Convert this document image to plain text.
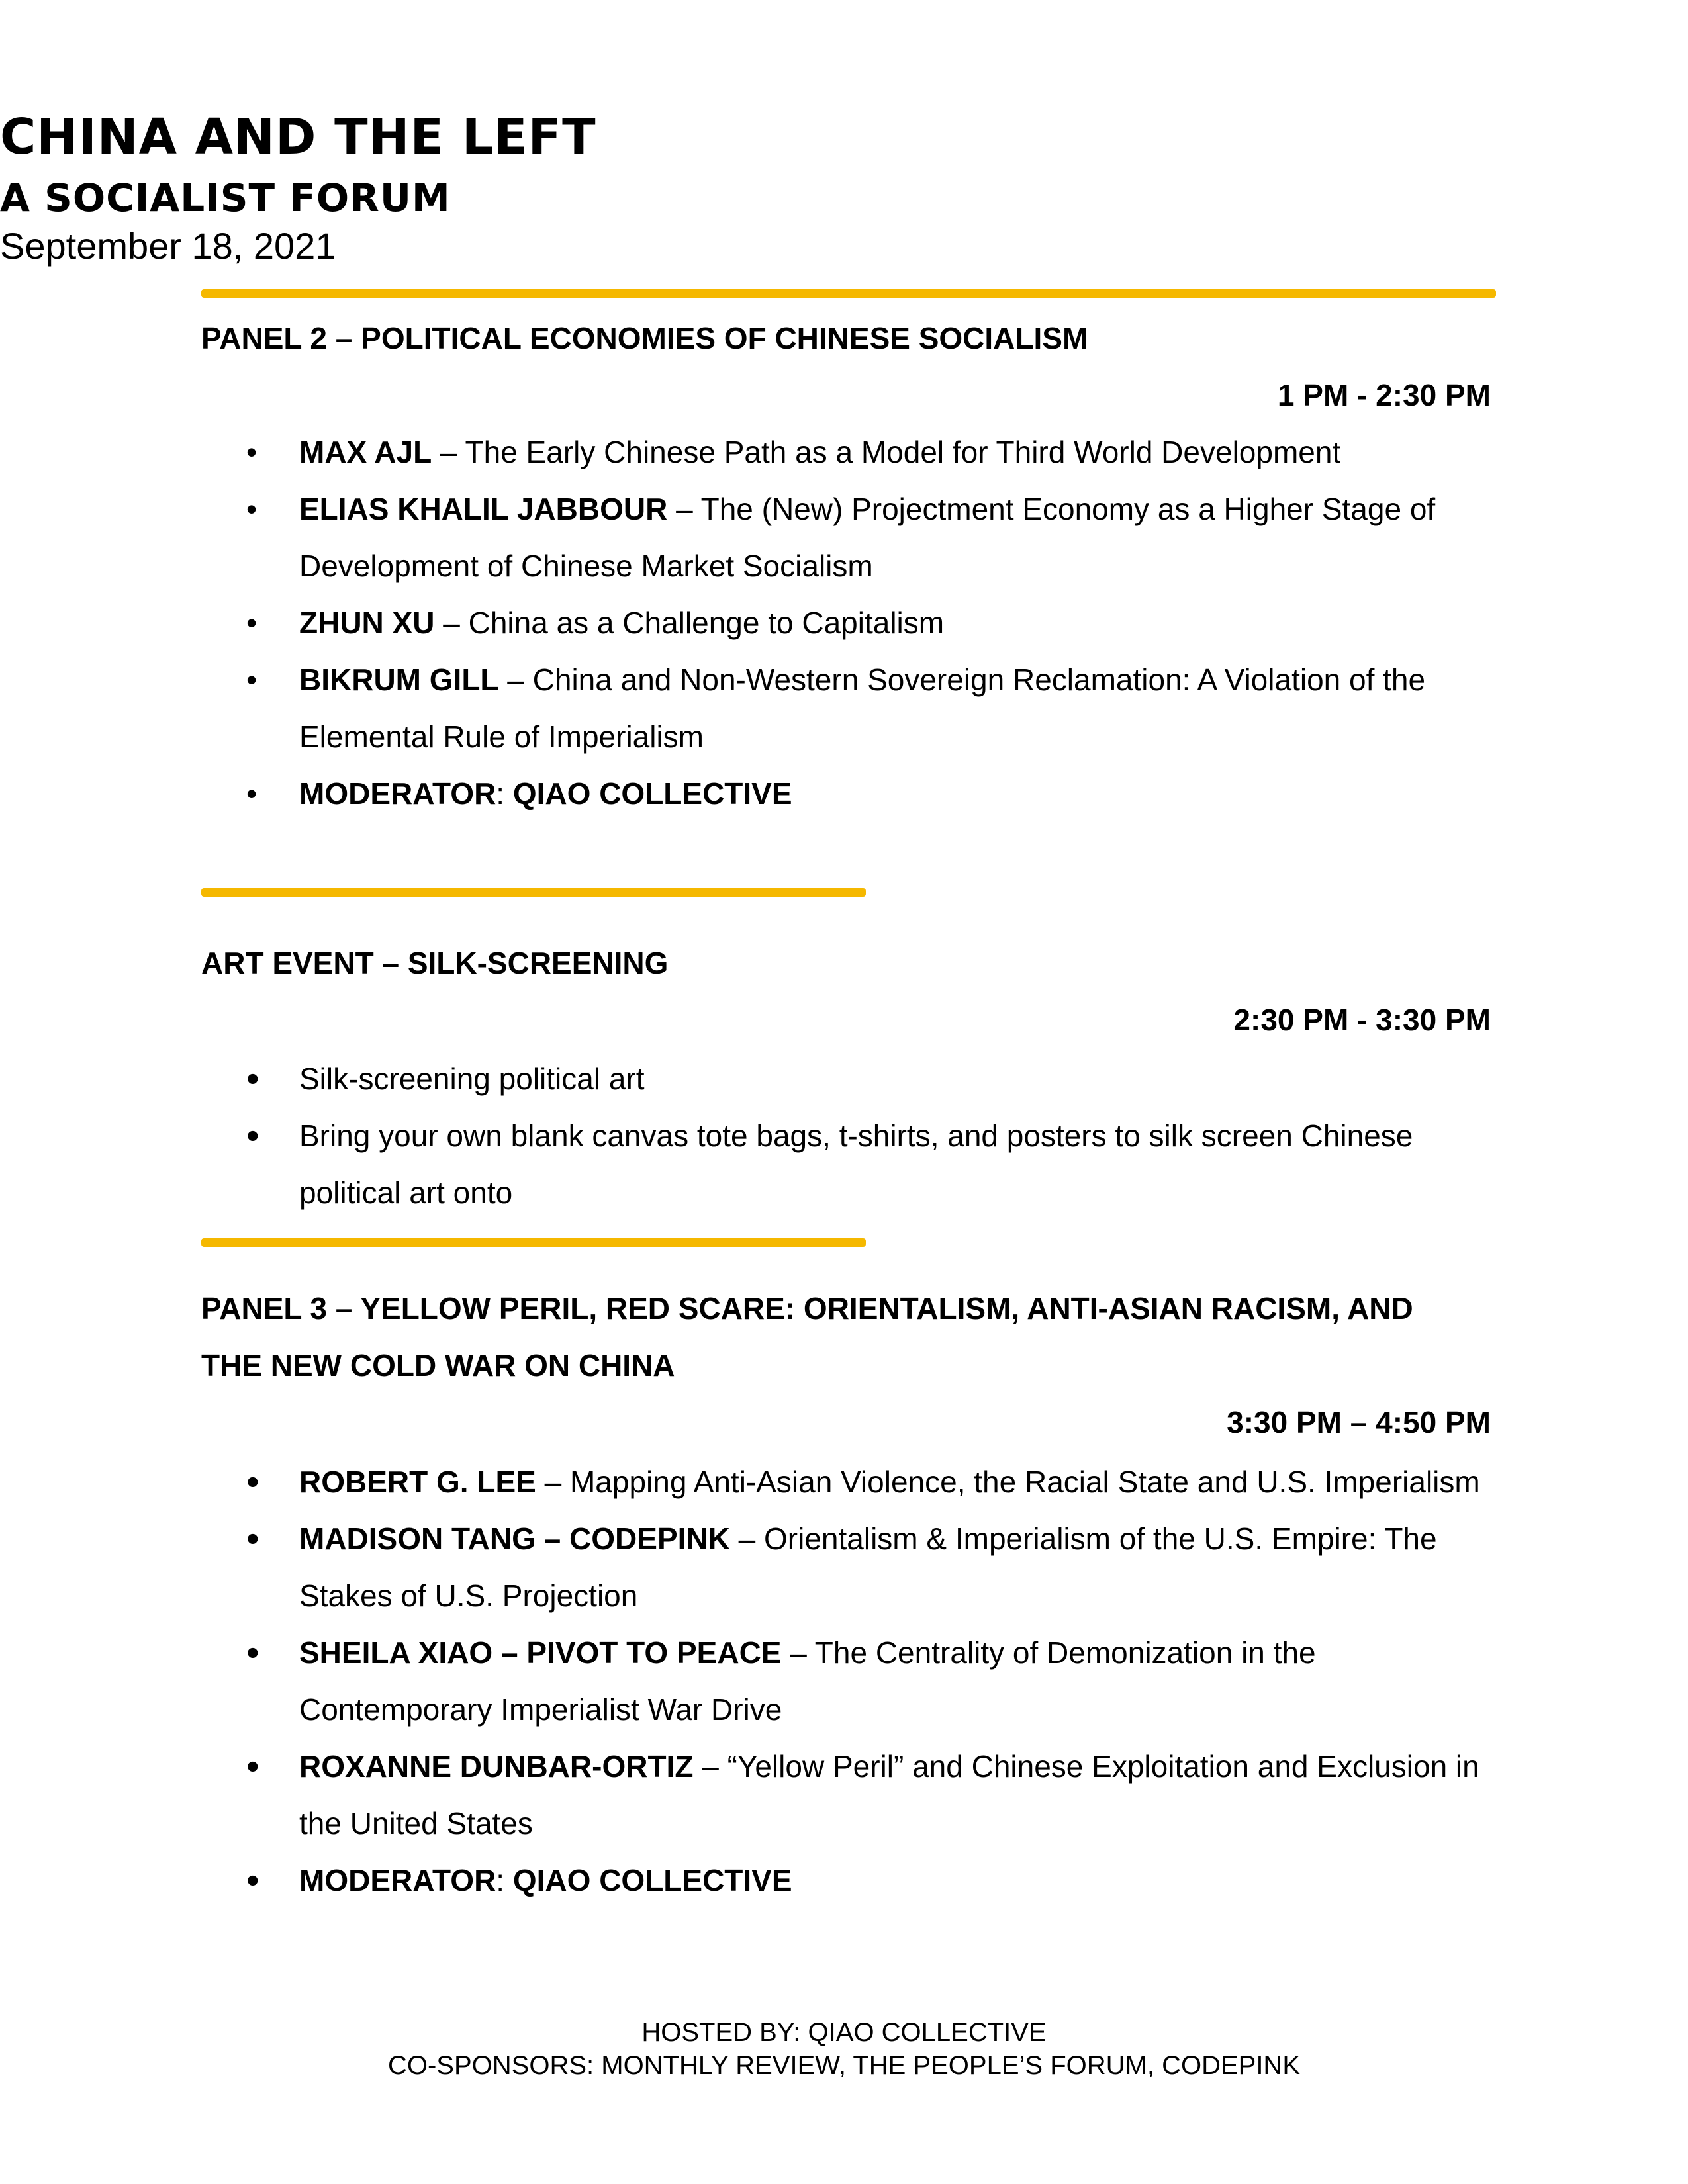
CHINA AND THE LEFT
A SOCIALIST FORUM
September 18, 2021
PANEL 2 – POLITICAL ECONOMIES OF CHINESE SOCIALISM
1 PM - 2:30 PM
• MAX AJL – The Early Chinese Path as a Model for Third World Development
• ELIAS KHALIL JABBOUR – The (New) Projectment Economy as a Higher Stage of Development of Chinese Market Socialism
• ZHUN XU – China as a Challenge to Capitalism
• BIKRUM GILL – China and Non-Western Sovereign Reclamation: A Violation of the Elemental Rule of Imperialism
• MODERATOR: QIAO COLLECTIVE
ART EVENT – SILK-SCREENING
2:30 PM - 3:30 PM
• Silk-screening political art
• Bring your own blank canvas tote bags, t-shirts, and posters to silk screen Chinese political art onto
PANEL 3 – YELLOW PERIL, RED SCARE: ORIENTALISM, ANTI-ASIAN RACISM, AND THE NEW COLD WAR ON CHINA
3:30 PM – 4:50 PM
• ROBERT G. LEE – Mapping Anti-Asian Violence, the Racial State and U.S. Imperialism
• MADISON TANG – CODEPINK – Orientalism & Imperialism of the U.S. Empire: The Stakes of U.S. Projection
• SHEILA XIAO – PIVOT TO PEACE – The Centrality of Demonization in the Contemporary Imperialist War Drive
• ROXANNE DUNBAR-ORTIZ – “Yellow Peril” and Chinese Exploitation and Exclusion in the United States
• MODERATOR: QIAO COLLECTIVE
HOSTED BY: QIAO COLLECTIVE
CO-SPONSORS: MONTHLY REVIEW, THE PEOPLE’S FORUM, CODEPINK
